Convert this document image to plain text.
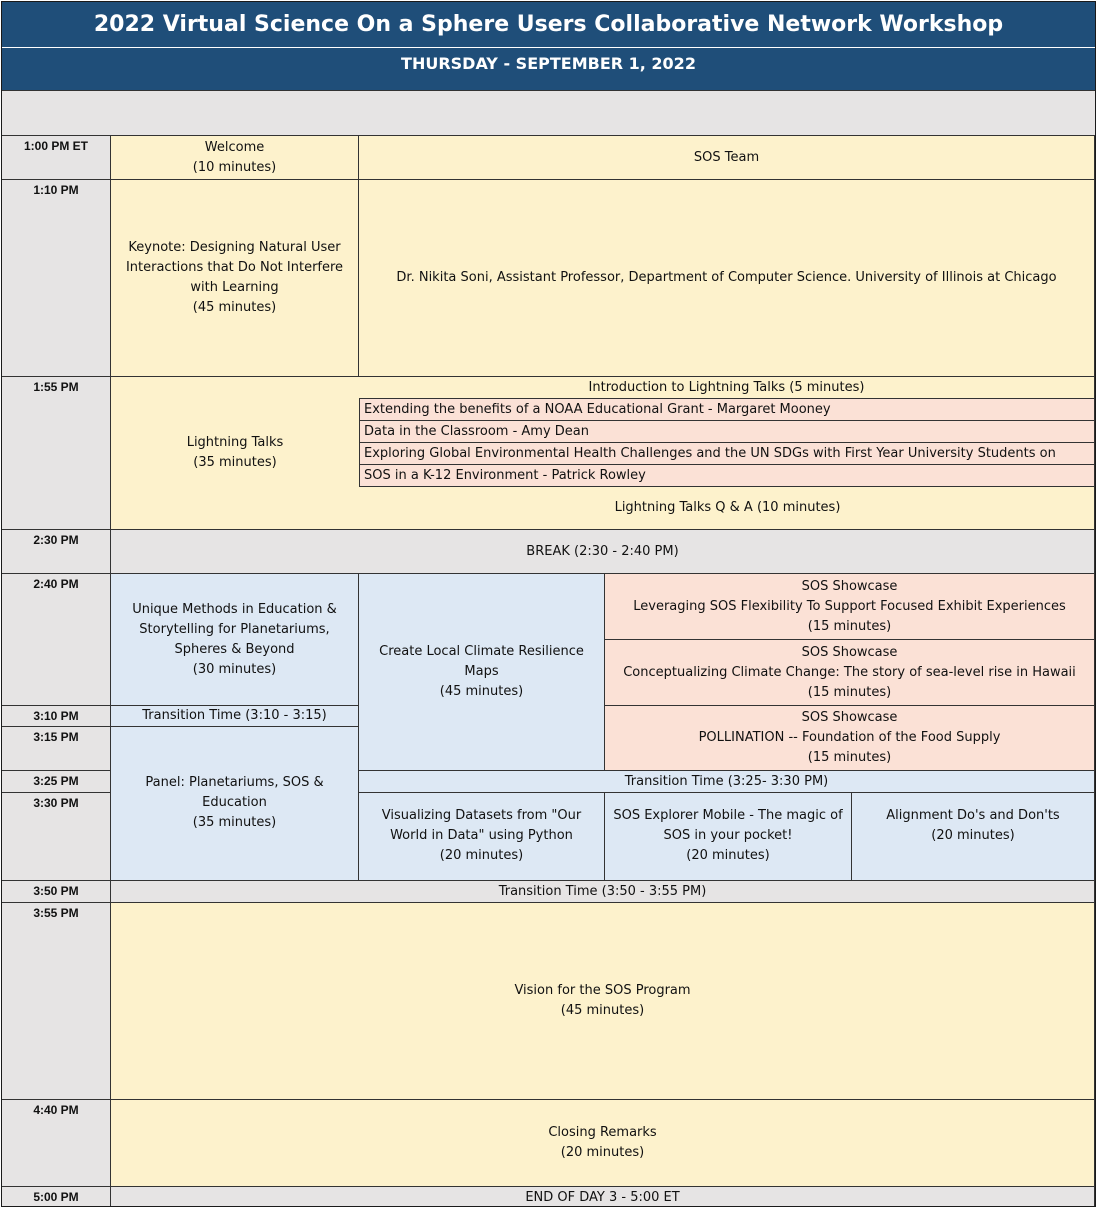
2022 Virtual Science On a Sphere Users Collaborative Network Workshop
THURSDAY - SEPTEMBER 1, 2022
1:00 PM ET
1:10 PM
1:55 PM
2:30 PM
2:40 PM
3:10 PM
3:15 PM
3:25 PM
3:30 PM
3:50 PM
3:55 PM
4:40 PM
5:00 PM
Welcome
(10 minutes)
SOS Team
Keynote: Designing Natural User
Interactions that Do Not Interfere
with Learning
(45 minutes)
Dr. Nikita Soni, Assistant Professor, Department of Computer Science. University of Illinois at Chicago
Lightning Talks
(35 minutes)
Introduction to Lightning Talks (5 minutes)
Extending the benefits of a NOAA Educational Grant - Margaret Mooney
Data in the Classroom - Amy Dean
Exploring Global Environmental Health Challenges and the UN SDGs with First Year University Students on
SOS in a K-12 Environment - Patrick Rowley
Lightning Talks Q & A (10 minutes)
BREAK (2:30 - 2:40 PM)
Unique Methods in Education &
Storytelling for Planetariums,
Spheres & Beyond
(30 minutes)
Create Local Climate Resilience
Maps
(45 minutes)
SOS Showcase
Leveraging SOS Flexibility To Support Focused Exhibit Experiences
(15 minutes)
SOS Showcase
Conceptualizing Climate Change: The story of sea-level rise in Hawaii
(15 minutes)
Transition Time (3:10 - 3:15)	SOS Showcase
POLLINATION -- Foundation of the Food Supply
(15 minutes)
Panel: Planetariums, SOS &
Education
(35 minutes)
Transition Time (3:25- 3:30 PM)
Visualizing Datasets from "Our
World in Data" using Python
(20 minutes)
SOS Explorer Mobile - The magic of
SOS in your pocket!
(20 minutes)
Alignment Do's and Don'ts
(20 minutes)
Transition Time (3:50 - 3:55 PM)
Vision for the SOS Program
(45 minutes)
Closing Remarks
(20 minutes)
END OF DAY 3 - 5:00 ET
